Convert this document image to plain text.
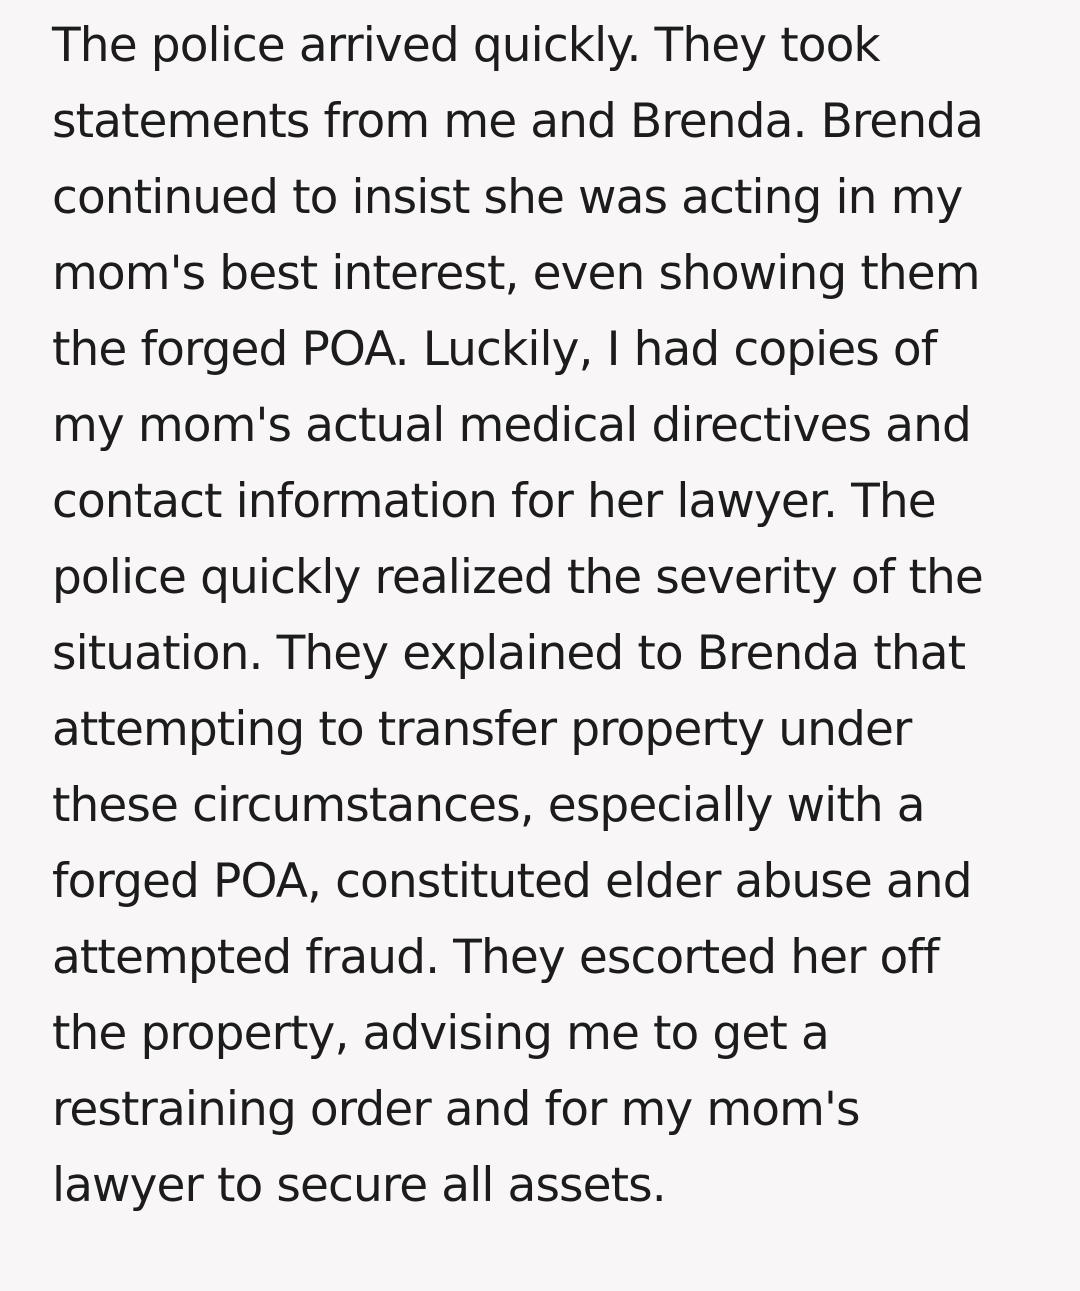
The police arrived quickly. They took
statements from me and Brenda. Brenda
continued to insist she was acting in my
mom's best interest, even showing them
the forged POA. Luckily, I had copies of
my mom's actual medical directives and
contact information for her lawyer. The
police quickly realized the severity of the
situation. They explained to Brenda that
attempting to transfer property under
these circumstances, especially with a
forged POA, constituted elder abuse and
attempted fraud. They escorted her off
the property, advising me to get a
restraining order and for my mom's
lawyer to secure all assets.
